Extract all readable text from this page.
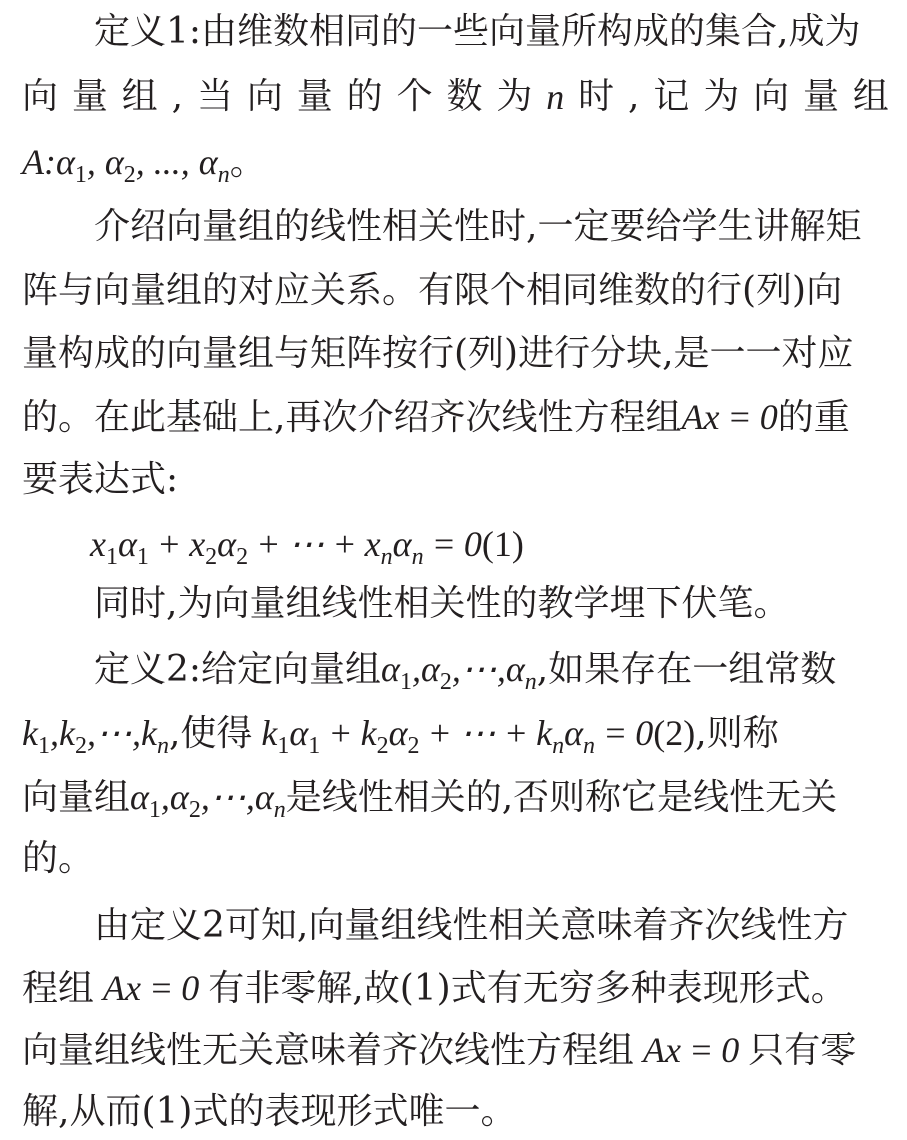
定义1:由维数相同的一些向量所构成的集合,成为
向 量 组 , 当 向 量 的 个 数 为 n 时 , 记 为 向 量 组
$A:\alpha_1$, $\alpha_2$, ..., $\alpha_n$。
介绍向量组的线性相关性时,一定要给学生讲解矩
阵与向量组的对应关系。有限个相同维数的行(列)向
量构成的向量组与矩阵按行(列)进行分块,是一一对应
的。在此基础上,再次介绍齐次线性方程组Ax = 0的重
要表达式:
$x_1\alpha_1 + x_2\alpha_2$ + ⋯ + $x_n\alpha_n = 0(1)$
同时,为向量组线性相关性的教学埋下伏笔。
定义2:给定向量组$\alpha_1,\alpha_2,\cdots,\alpha_n$,如果存在一组常数
$k_1,k_2,\cdots,k_n$,使得 $k_1\alpha_1 + k_2\alpha_2$ + ⋯ + $k_n\alpha_n = 0(2)$,则称
向量组$\alpha_1,\alpha_2,\cdots,\alpha_n$是线性相关的,否则称它是线性无关
的。
由定义2可知,向量组线性相关意味着齐次线性方
程组 Ax = 0 有非零解,故(1)式有无穷多种表现形式。
向量组线性无关意味着齐次线性方程组 Ax = 0 只有零
解,从而(1)式的表现形式唯一。
